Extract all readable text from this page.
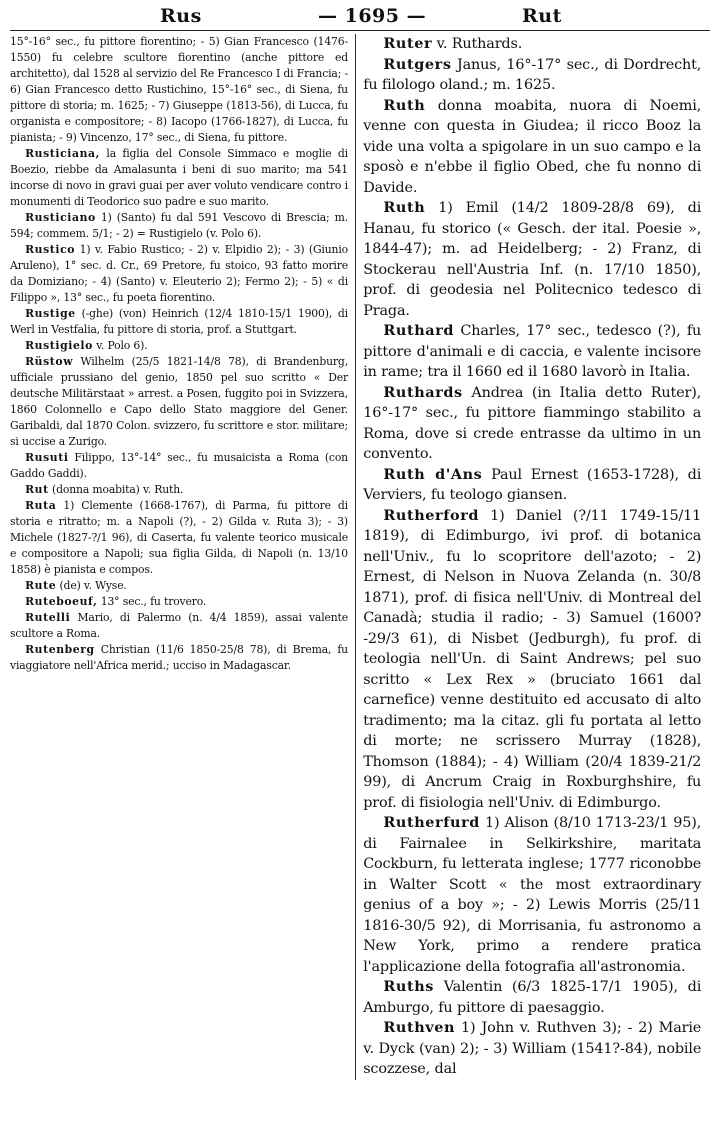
Rus	— 1695 —	Rut

15°-16° sec., fu pittore fiorentino; - 5) Gian Francesco (1476-1550) fu celebre scultore fiorentino (anche pittore ed architetto), dal 1528 al servizio del Re Francesco I di Francia; - 6) Gian Francesco detto Rustichino, 15°-16° sec., di Siena, fu pittore di storia; m. 1625; - 7) Giuseppe (1813-56), di Lucca, fu organista e compositore; - 8) Iacopo (1766-1827), di Lucca, fu pianista; - 9) Vincenzo, 17° sec., di Siena, fu pittore.

Rusticiana, la figlia del Console Simmaco e moglie di Boezio, riebbe da Amalasunta i beni di suo marito; ma 541 incorse di novo in gravi guai per aver voluto vendicare contro i monumenti di Teodorico suo padre e suo marito.

Rusticiano 1) (Santo) fu dal 591 Vescovo di Brescia; m. 594; commem. 5/1; - 2) = Rustigielo (v. Polo 6).

Rustico 1) v. Fabio Rustico; - 2) v. Elpidio 2); - 3) (Giunio Aruleno), 1° sec. d. Cr., 69 Pretore, fu stoico, 93 fatto morire da Domiziano; - 4) (Santo) v. Eleuterio 2); Fermo 2); - 5) « di Filippo », 13° sec., fu poeta fiorentino.

Rustige (-ghe) (von) Heinrich (12/4 1810-15/1 1900), di Werl in Vestfalia, fu pittore di storia, prof. a Stuttgart.

Rustigielo v. Polo 6).

Rüstow Wilhelm (25/5 1821-14/8 78), di Brandenburg, ufficiale prussiano del genio, 1850 pel suo scritto « Der deutsche Militärstaat » arrest. a Posen, fuggito poi in Svizzera, 1860 Colonnello e Capo dello Stato maggiore del Gener. Garibaldi, dal 1870 Colon. svizzero, fu scrittore e stor. militare; si uccise a Zurigo.

Rusuti Filippo, 13°-14° sec., fu musaicista a Roma (con Gaddo Gaddi).

Rut (donna moabita) v. Ruth.

Ruta 1) Clemente (1668-1767), di Parma, fu pittore di storia e ritratto; m. a Napoli (?), - 2) Gilda v. Ruta 3); - 3) Michele (1827-?/1 96), di Caserta, fu valente teorico musicale e compositore a Napoli; sua figlia Gilda, di Napoli (n. 13/10 1858) è pianista e compos.

Rute (de) v. Wyse.

Ruteboeuf, 13° sec., fu trovero.

Rutelli Mario, di Palermo (n. 4/4 1859), assai valente scultore a Roma.

Rutenberg Christian (11/6 1850-25/8 78), di Brema, fu viaggiatore nell'Africa merid.; ucciso in Madagascar.

Ruter v. Ruthards.

Rutgers Janus, 16°-17° sec., di Dordrecht, fu filologo oland.; m. 1625.

Ruth donna moabita, nuora di Noemi, venne con questa in Giudea; il ricco Booz la vide una volta a spigolare in un suo campo e la sposò e n'ebbe il figlio Obed, che fu nonno di Davide.

Ruth 1) Emil (14/2 1809-28/8 69), di Hanau, fu storico (« Gesch. der ital. Poesie », 1844-47); m. ad Heidelberg; - 2) Franz, di Stockerau nell'Austria Inf. (n. 17/10 1850), prof. di geodesia nel Politecnico tedesco di Praga.

Ruthard Charles, 17° sec., tedesco (?), fu pittore d'animali e di caccia, e valente incisore in rame; tra il 1660 ed il 1680 lavorò in Italia.

Ruthards Andrea (in Italia detto Ruter), 16°-17° sec., fu pittore fiammingo stabilito a Roma, dove si crede entrasse da ultimo in un convento.

Ruth d'Ans Paul Ernest (1653-1728), di Verviers, fu teologo giansen.

Rutherford 1) Daniel (?/11 1749-15/11 1819), di Edimburgo, ivi prof. di botanica nell'Univ., fu lo scopritore dell'azoto; - 2) Ernest, di Nelson in Nuova Zelanda (n. 30/8 1871), prof. di fisica nell'Univ. di Montreal del Canadà; studia il radio; - 3) Samuel (1600?-29/3 61), di Nisbet (Jedburgh), fu prof. di teologia nell'Un. di Saint Andrews; pel suo scritto « Lex Rex » (bruciato 1661 dal carnefice) venne destituito ed accusato di alto tradimento; ma la citaz. gli fu portata al letto di morte; ne scrissero Murray (1828), Thomson (1884); - 4) William (20/4 1839-21/2 99), di Ancrum Craig in Roxburghshire, fu prof. di fisiologia nell'Univ. di Edimburgo.

Rutherfurd 1) Alison (8/10 1713-23/1 95), di Fairnalee in Selkirkshire, maritata Cockburn, fu letterata inglese; 1777 riconobbe in Walter Scott « the most extraordinary genius of a boy »; - 2) Lewis Morris (25/11 1816-30/5 92), di Morrisania, fu astronomo a New York, primo a rendere pratica l'applicazione della fotografia all'astronomia.

Ruths Valentin (6/3 1825-17/1 1905), di Amburgo, fu pittore di paesaggio.

Ruthven 1) John v. Ruthven 3); - 2) Marie v. Dyck (van) 2); - 3) William (1541?-84), nobile scozzese, dal
